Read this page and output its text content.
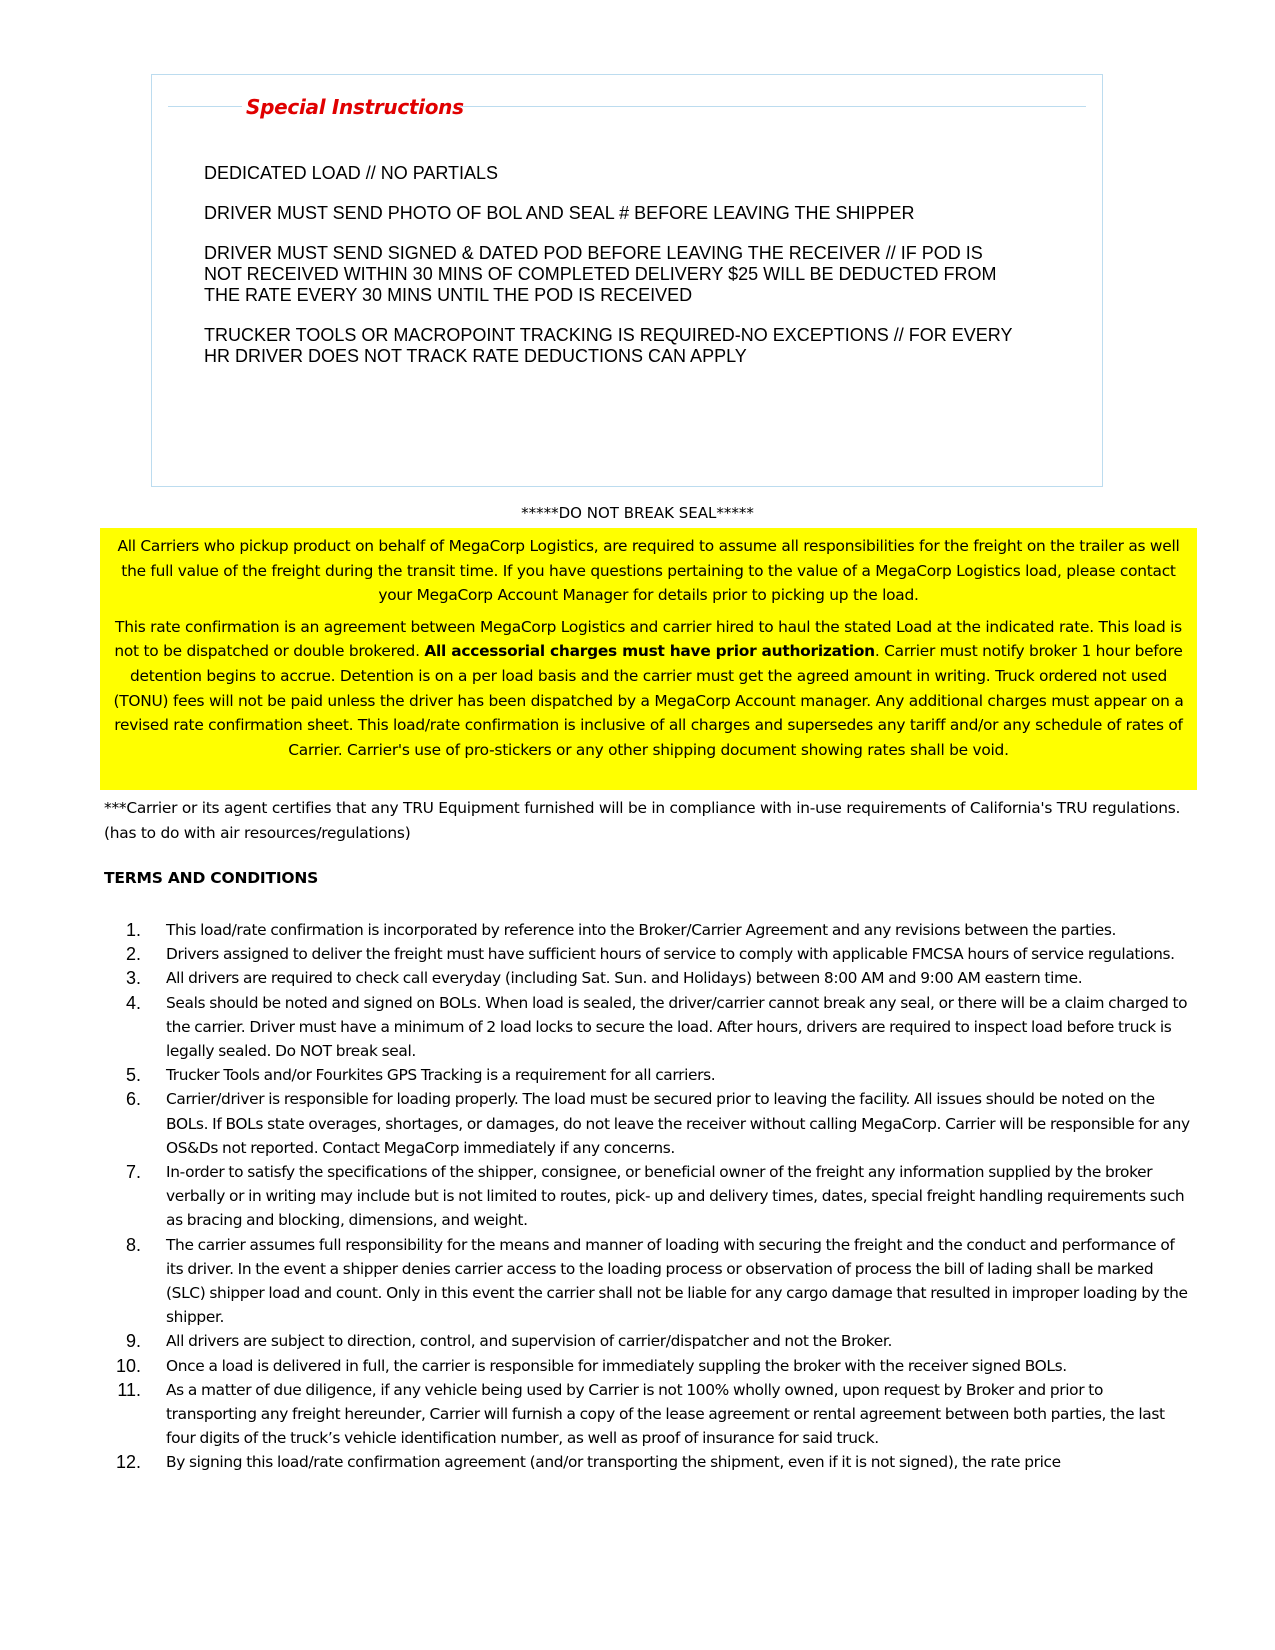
Special Instructions

DEDICATED LOAD // NO PARTIALS

DRIVER MUST SEND PHOTO OF BOL AND SEAL # BEFORE LEAVING THE SHIPPER

DRIVER MUST SEND SIGNED & DATED POD BEFORE LEAVING THE RECEIVER // IF POD IS
NOT RECEIVED WITHIN 30 MINS OF COMPLETED DELIVERY $25 WILL BE DEDUCTED FROM
THE RATE EVERY 30 MINS UNTIL THE POD IS RECEIVED

TRUCKER TOOLS OR MACROPOINT TRACKING IS REQUIRED-NO EXCEPTIONS // FOR EVERY
HR DRIVER DOES NOT TRACK RATE DEDUCTIONS CAN APPLY

*****DO NOT BREAK SEAL*****

All Carriers who pickup product on behalf of MegaCorp Logistics, are required to assume all responsibilities for the freight on the trailer as well the full value of the freight during the transit time. If you have questions pertaining to the value of a MegaCorp Logistics load, please contact your MegaCorp Account Manager for details prior to picking up the load.

This rate confirmation is an agreement between MegaCorp Logistics and carrier hired to haul the stated Load at the indicated rate. This load is not to be dispatched or double brokered. All accessorial charges must have prior authorization. Carrier must notify broker 1 hour before detention begins to accrue. Detention is on a per load basis and the carrier must get the agreed amount in writing. Truck ordered not used (TONU) fees will not be paid unless the driver has been dispatched by a MegaCorp Account manager. Any additional charges must appear on a revised rate confirmation sheet. This load/rate confirmation is inclusive of all charges and supersedes any tariff and/or any schedule of rates of Carrier. Carrier's use of pro-stickers or any other shipping document showing rates shall be void.

***Carrier or its agent certifies that any TRU Equipment furnished will be in compliance with in-use requirements of California's TRU regulations. (has to do with air resources/regulations)

TERMS AND CONDITIONS
1. This load/rate confirmation is incorporated by reference into the Broker/Carrier Agreement and any revisions between the parties.
2. Drivers assigned to deliver the freight must have sufficient hours of service to comply with applicable FMCSA hours of service regulations.
3. All drivers are required to check call everyday (including Sat. Sun. and Holidays) between 8:00 AM and 9:00 AM eastern time.
4. Seals should be noted and signed on BOLs. When load is sealed, the driver/carrier cannot break any seal, or there will be a claim charged to the carrier. Driver must have a minimum of 2 load locks to secure the load. After hours, drivers are required to inspect load before truck is legally sealed. Do NOT break seal.
5. Trucker Tools and/or Fourkites GPS Tracking is a requirement for all carriers.
6. Carrier/driver is responsible for loading properly. The load must be secured prior to leaving the facility. All issues should be noted on the BOLs. If BOLs state overages, shortages, or damages, do not leave the receiver without calling MegaCorp. Carrier will be responsible for any OS&Ds not reported. Contact MegaCorp immediately if any concerns.
7. In-order to satisfy the specifications of the shipper, consignee, or beneficial owner of the freight any information supplied by the broker verbally or in writing may include but is not limited to routes, pick- up and delivery times, dates, special freight handling requirements such as bracing and blocking, dimensions, and weight.
8. The carrier assumes full responsibility for the means and manner of loading with securing the freight and the conduct and performance of its driver. In the event a shipper denies carrier access to the loading process or observation of process the bill of lading shall be marked (SLC) shipper load and count. Only in this event the carrier shall not be liable for any cargo damage that resulted in improper loading by the shipper.
9. All drivers are subject to direction, control, and supervision of carrier/dispatcher and not the Broker.
10. Once a load is delivered in full, the carrier is responsible for immediately suppling the broker with the receiver signed BOLs.
11. As a matter of due diligence, if any vehicle being used by Carrier is not 100% wholly owned, upon request by Broker and prior to transporting any freight hereunder, Carrier will furnish a copy of the lease agreement or rental agreement between both parties, the last four digits of the truck’s vehicle identification number, as well as proof of insurance for said truck.
12. By signing this load/rate confirmation agreement (and/or transporting the shipment, even if it is not signed), the rate price
